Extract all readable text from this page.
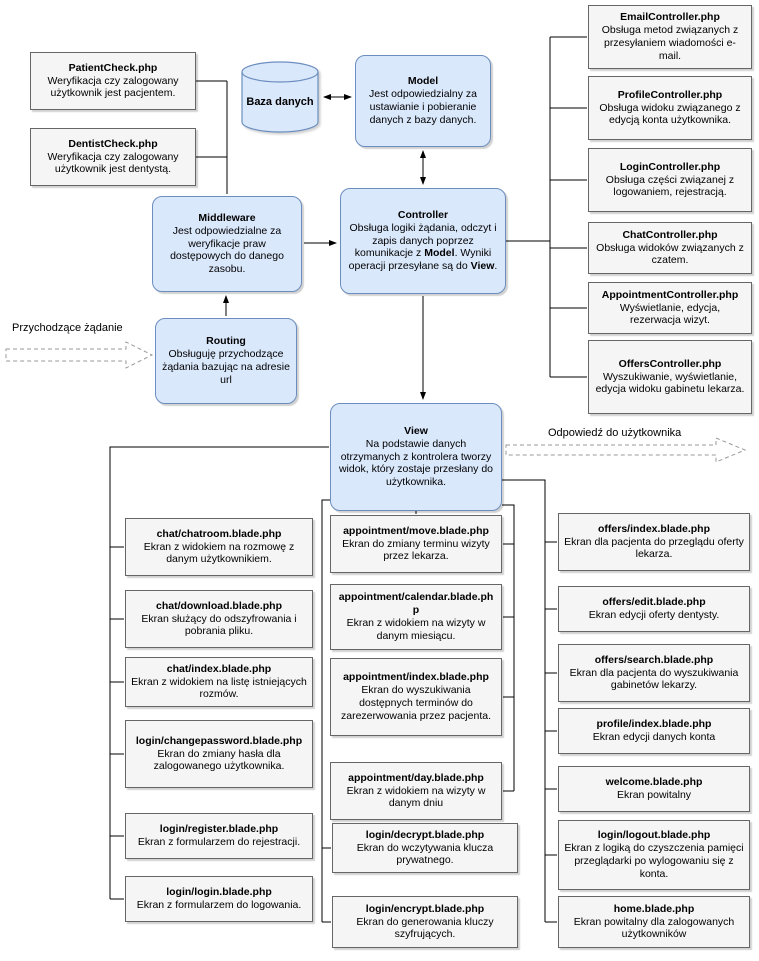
Przychodzące żądanie
Odpowiedź do użytkownika
PatientCheck.php
Weryfikacja czy zalogowany użytkownik jest pacjentem.
DentistCheck.php
Weryfikacja czy zalogowany użytkownik jest dentystą.
Baza danych
Model
Jest odpowiedzialny za ustawianie i pobieranie danych z bazy danych.
Middleware
Jest odpowiedzialne za weryfikacje praw dostępowych do danego zasobu.
Controller
Obsługa logiki żądania, odczyt i zapis danych poprzez komunikacje z Model. Wyniki operacji przesyłane są do View.
Routing
Obsługuję przychodzące żądania bazując na adresie url
View
Na podstawie danych otrzymanych z kontrolera tworzy widok, który zostaje przesłany do użytkownika.
EmailController.php
Obsługa metod związanych z przesyłaniem wiadomości e-mail.
ProfileController.php
Obsługa widoku związanego z edycją konta użytkownika.
LoginController.php
Obsługa części związanej z logowaniem, rejestracją.
ChatController.php
Obsługa widoków związanych z czatem.
AppointmentController.php
Wyświetlanie, edycja, rezerwacja wizyt.
OffersController.php
Wyszukiwanie, wyświetlanie, edycja widoku gabinetu lekarza.
chat/chatroom.blade.php
Ekran z widokiem na rozmowę z danym użytkownikiem.
chat/download.blade.php
Ekran służący do odszyfrowania i pobrania pliku.
chat/index.blade.php
Ekran z widokiem na listę istniejących rozmów.
login/changepassword.blade.php
Ekran do zmiany hasła dla zalogowanego użytkownika.
login/register.blade.php
Ekran z formularzem do rejestracji.
login/login.blade.php
Ekran z formularzem do logowania.
appointment/move.blade.php
Ekran do zmiany terminu wizyty przez lekarza.
appointment/calendar.blade.php
Ekran z widokiem na wizyty w danym miesiącu.
appointment/index.blade.php
Ekran do wyszukiwania dostępnych terminów do zarezerwowania przez pacjenta.
appointment/day.blade.php
Ekran z widokiem na wizyty w danym dniu
login/decrypt.blade.php
Ekran do wczytywania klucza prywatnego.
login/encrypt.blade.php
Ekran do generowania kluczy szyfrujących.
offers/index.blade.php
Ekran dla pacjenta do przeglądu oferty lekarza.
offers/edit.blade.php
Ekran edycji oferty dentysty.
offers/search.blade.php
Ekran dla pacjenta do wyszukiwania gabinetów lekarzy.
profile/index.blade.php
Ekran edycji danych konta
welcome.blade.php
Ekran powitalny
login/logout.blade.php
Ekran z logiką do czyszczenia pamięci przeglądarki po wylogowaniu się z konta.
home.blade.php
Ekran powitalny dla zalogowanych użytkowników
